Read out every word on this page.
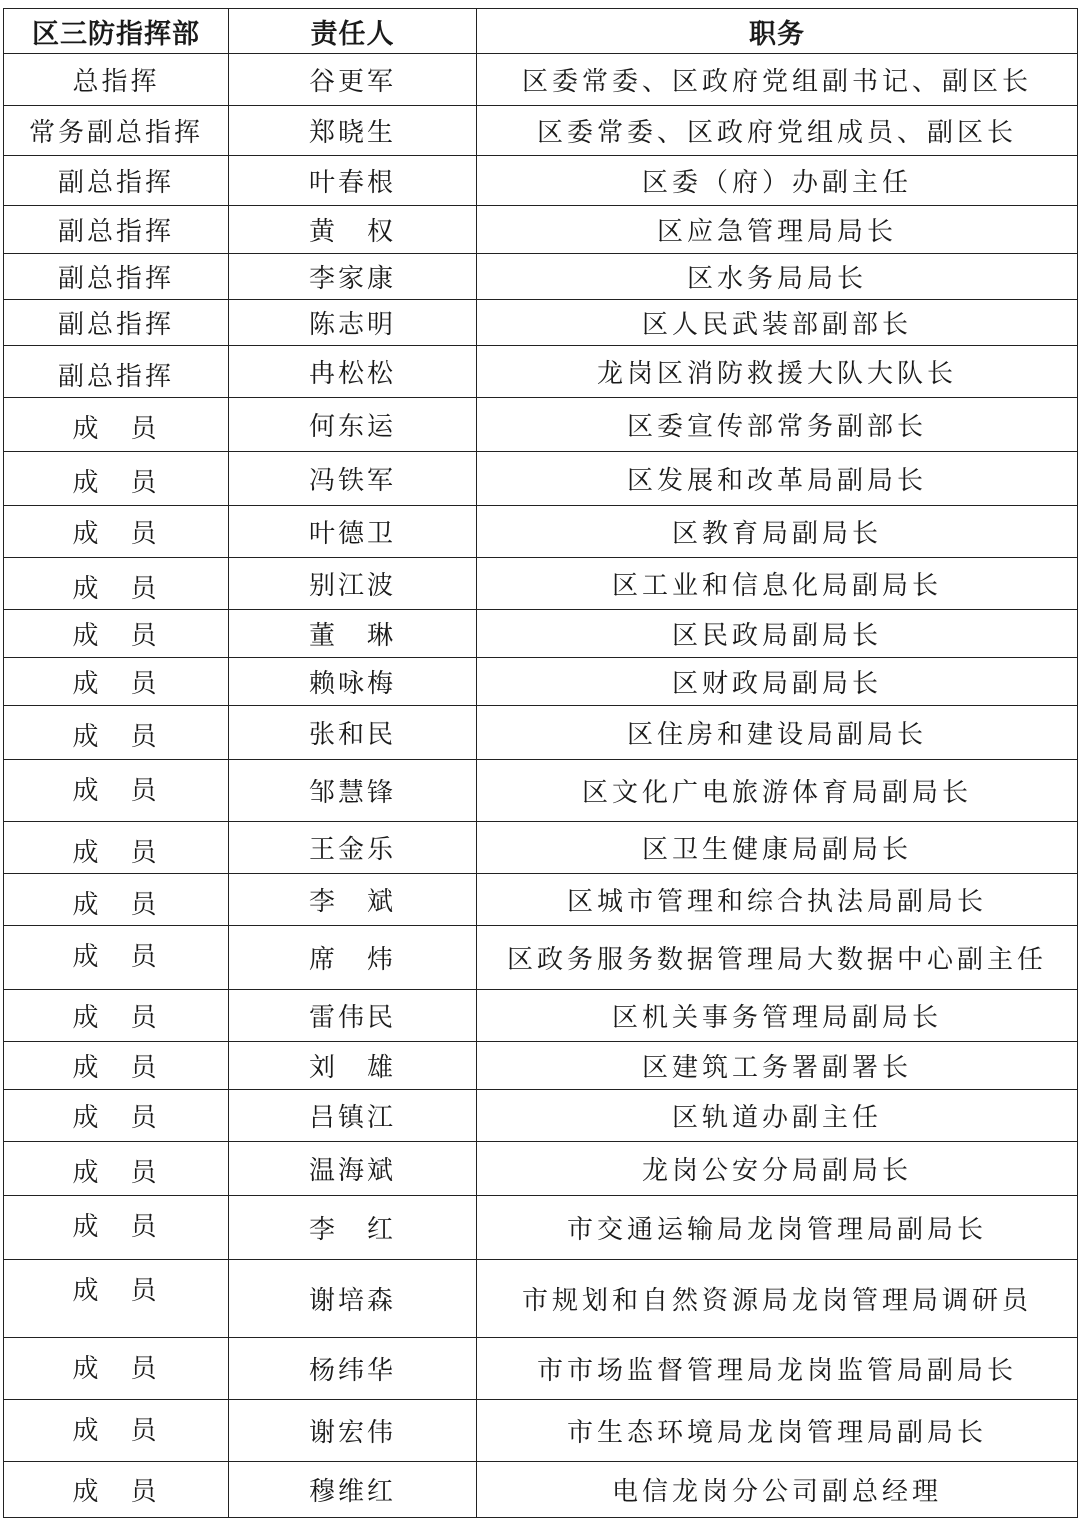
区三防指挥部	责任人	职务
总指挥	谷更军	区委常委、区政府党组副书记、副区长
常务副总指挥	郑晓生	区委常委、区政府党组成员、副区长
副总指挥	叶春根	区委（府）办副主任
副总指挥	黄　权	区应急管理局局长
副总指挥	李家康	区水务局局长
副总指挥	陈志明	区人民武装部副部长
副总指挥	冉松松	龙岗区消防救援大队大队长
成　员	何东运	区委宣传部常务副部长
成　员	冯铁军	区发展和改革局副局长
成　员	叶德卫	区教育局副局长
成　员	别江波	区工业和信息化局副局长
成　员	董　琳	区民政局副局长
成　员	赖咏梅	区财政局副局长
成　员	张和民	区住房和建设局副局长
成　员	邹慧锋	区文化广电旅游体育局副局长
成　员	王金乐	区卫生健康局副局长
成　员	李　斌	区城市管理和综合执法局副局长
成　员	席　炜	区政务服务数据管理局大数据中心副主任
成　员	雷伟民	区机关事务管理局副局长
成　员	刘　雄	区建筑工务署副署长
成　员	吕镇江	区轨道办副主任
成　员	温海斌	龙岗公安分局副局长
成　员	李　红	市交通运输局龙岗管理局副局长
成　员	谢培森	市规划和自然资源局龙岗管理局调研员
成　员	杨纬华	市市场监督管理局龙岗监管局副局长
成　员	谢宏伟	市生态环境局龙岗管理局副局长
成　员	穆维红	电信龙岗分公司副总经理
